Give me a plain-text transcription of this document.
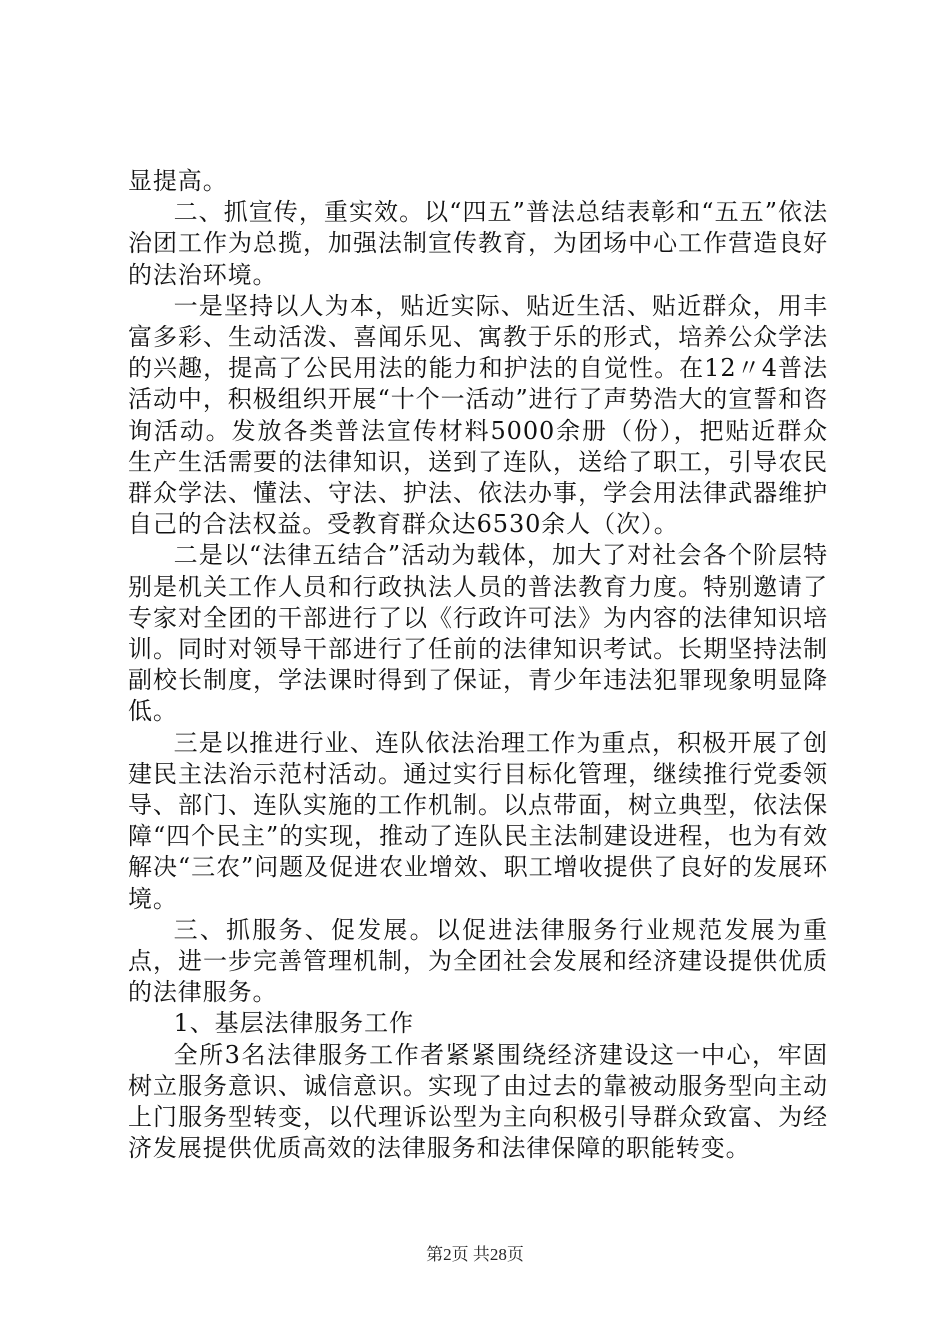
显提高。

二、抓宣传，重实效。以“四五”普法总结表彰和“五五”依法治团工作为总揽，加强法制宣传教育，为团场中心工作营造良好的法治环境。

一是坚持以人为本，贴近实际、贴近生活、贴近群众，用丰富多彩、生动活泼、喜闻乐见、寓教于乐的形式，培养公众学法的兴趣，提高了公民用法的能力和护法的自觉性。在12〃4普法活动中，积极组织开展“十个一活动”进行了声势浩大的宣誓和咨询活动。发放各类普法宣传材料5000余册（份），把贴近群众生产生活需要的法律知识，送到了连队，送给了职工，引导农民群众学法、懂法、守法、护法、依法办事，学会用法律武器维护自己的合法权益。受教育群众达6530余人（次）。

二是以“法律五结合”活动为载体，加大了对社会各个阶层特别是机关工作人员和行政执法人员的普法教育力度。特别邀请了专家对全团的干部进行了以《行政许可法》为内容的法律知识培训。同时对领导干部进行了任前的法律知识考试。长期坚持法制副校长制度，学法课时得到了保证，青少年违法犯罪现象明显降低。

三是以推进行业、连队依法治理工作为重点，积极开展了创建民主法治示范村活动。通过实行目标化管理，继续推行党委领导、部门、连队实施的工作机制。以点带面，树立典型，依法保障“四个民主”的实现，推动了连队民主法制建设进程，也为有效解决“三农”问题及促进农业增效、职工增收提供了良好的发展环境。

三、抓服务、促发展。以促进法律服务行业规范发展为重点，进一步完善管理机制，为全团社会发展和经济建设提供优质的法律服务。

1、基层法律服务工作

全所3名法律服务工作者紧紧围绕经济建设这一中心，牢固树立服务意识、诚信意识。实现了由过去的靠被动服务型向主动上门服务型转变，以代理诉讼型为主向积极引导群众致富、为经济发展提供优质高效的法律服务和法律保障的职能转变。

第2页 共28页
